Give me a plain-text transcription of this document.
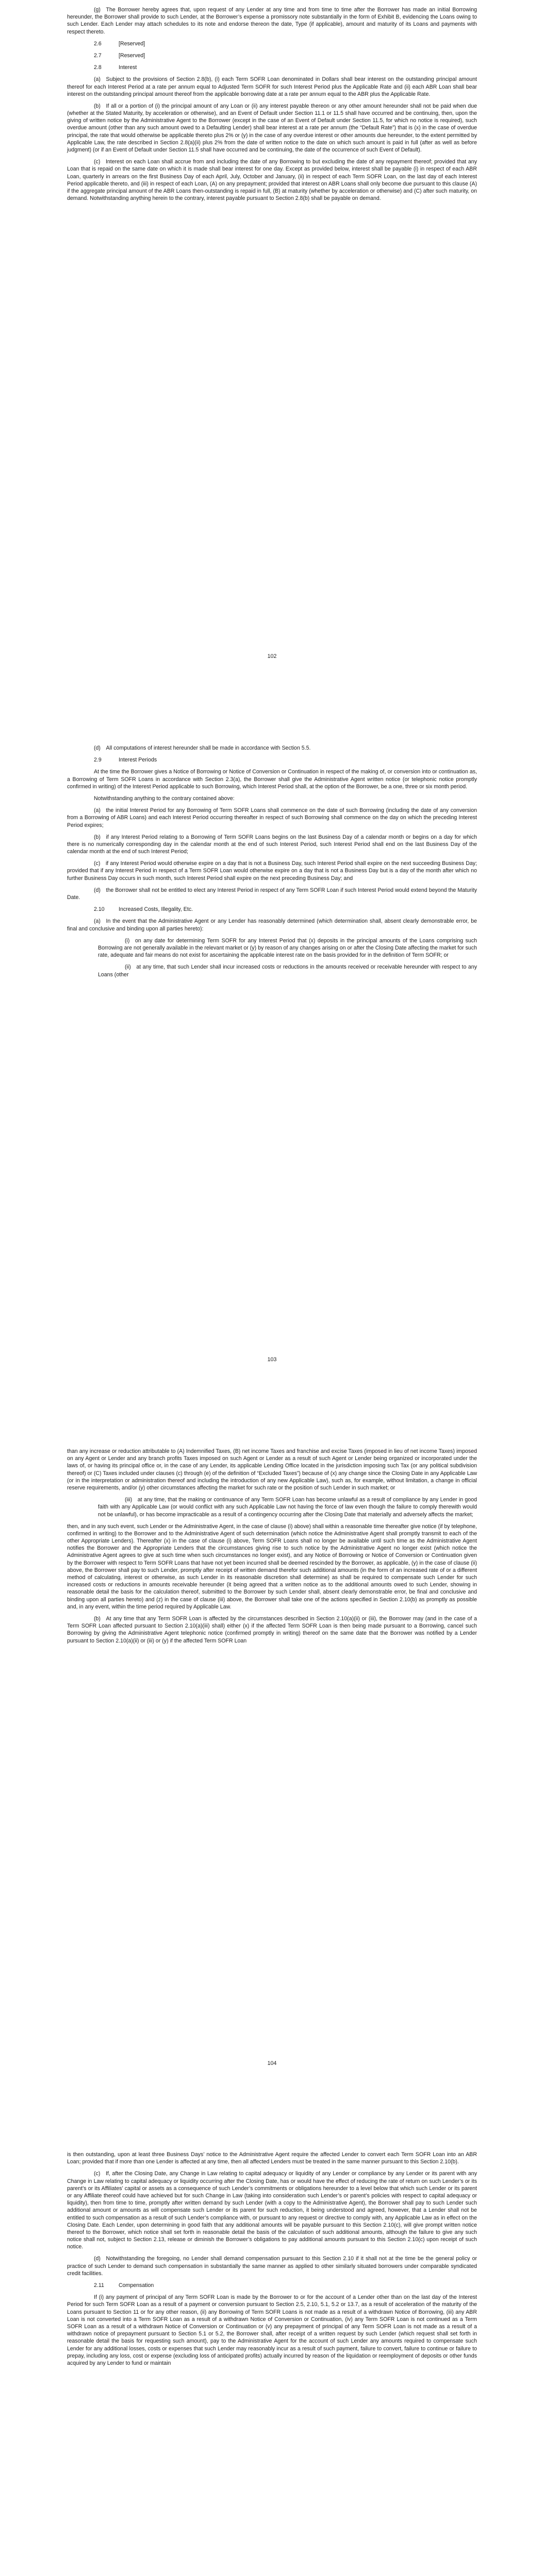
(g) The Borrower hereby agrees that, upon request of any Lender at any time and from time to time after the Borrower has made an initial Borrowing hereunder, the Borrower shall provide to such Lender, at the Borrower’s expense a promissory note substantially in the form of Exhibit B, evidencing the Loans owing to such Lender. Each Lender may attach schedules to its note and endorse thereon the date, Type (if applicable), amount and maturity of its Loans and payments with respect thereto.

2.6	[Reserved]
2.7	[Reserved]
2.8	Interest

(a) Subject to the provisions of Section 2.8(b), (i) each Term SOFR Loan denominated in Dollars shall bear interest on the outstanding principal amount thereof for each Interest Period at a rate per annum equal to Adjusted Term SOFR for such Interest Period plus the Applicable Rate and (ii) each ABR Loan shall bear interest on the outstanding principal amount thereof from the applicable borrowing date at a rate per annum equal to the ABR plus the Applicable Rate.

(b) If all or a portion of (i) the principal amount of any Loan or (ii) any interest payable thereon or any other amount hereunder shall not be paid when due (whether at the Stated Maturity, by acceleration or otherwise), and an Event of Default under Section 11.1 or 11.5 shall have occurred and be continuing, then, upon the giving of written notice by the Administrative Agent to the Borrower (except in the case of an Event of Default under Section 11.5, for which no notice is required), such overdue amount (other than any such amount owed to a Defaulting Lender) shall bear interest at a rate per annum (the “Default Rate”) that is (x) in the case of overdue principal, the rate that would otherwise be applicable thereto plus 2% or (y) in the case of any overdue interest or other amounts due hereunder, to the extent permitted by Applicable Law, the rate described in Section 2.8(a)(ii) plus 2% from the date of written notice to the date on which such amount is paid in full (after as well as before judgment) (or if an Event of Default under Section 11.5 shall have occurred and be continuing, the date of the occurrence of such Event of Default).

(c) Interest on each Loan shall accrue from and including the date of any Borrowing to but excluding the date of any repayment thereof; provided that any Loan that is repaid on the same date on which it is made shall bear interest for one day. Except as provided below, interest shall be payable (i) in respect of each ABR Loan, quarterly in arrears on the first Business Day of each April, July, October and January, (ii) in respect of each Term SOFR Loan, on the last day of each Interest Period applicable thereto, and (iii) in respect of each Loan, (A) on any prepayment; provided that interest on ABR Loans shall only become due pursuant to this clause (A) if the aggregate principal amount of the ABR Loans then-outstanding is repaid in full, (B) at maturity (whether by acceleration or otherwise) and (C) after such maturity, on demand. Notwithstanding anything herein to the contrary, interest payable pursuant to Section 2.8(b) shall be payable on demand.

102

(d) All computations of interest hereunder shall be made in accordance with Section 5.5.

2.9	Interest Periods

At the time the Borrower gives a Notice of Borrowing or Notice of Conversion or Continuation in respect of the making of, or conversion into or continuation as, a Borrowing of Term SOFR Loans in accordance with Section 2.3(a), the Borrower shall give the Administrative Agent written notice (or telephonic notice promptly confirmed in writing) of the Interest Period applicable to such Borrowing, which Interest Period shall, at the option of the Borrower, be a one, three or six month period.

Notwithstanding anything to the contrary contained above:

(a) the initial Interest Period for any Borrowing of Term SOFR Loans shall commence on the date of such Borrowing (including the date of any conversion from a Borrowing of ABR Loans) and each Interest Period occurring thereafter in respect of such Borrowing shall commence on the day on which the preceding Interest Period expires;

(b) if any Interest Period relating to a Borrowing of Term SOFR Loans begins on the last Business Day of a calendar month or begins on a day for which there is no numerically corresponding day in the calendar month at the end of such Interest Period, such Interest Period shall end on the last Business Day of the calendar month at the end of such Interest Period;

(c) if any Interest Period would otherwise expire on a day that is not a Business Day, such Interest Period shall expire on the next succeeding Business Day; provided that if any Interest Period in respect of a Term SOFR Loan would otherwise expire on a day that is not a Business Day but is a day of the month after which no further Business Day occurs in such month, such Interest Period shall expire on the next preceding Business Day; and

(d) the Borrower shall not be entitled to elect any Interest Period in respect of any Term SOFR Loan if such Interest Period would extend beyond the Maturity Date.

2.10	Increased Costs, Illegality, Etc.

(a) In the event that the Administrative Agent or any Lender has reasonably determined (which determination shall, absent clearly demonstrable error, be final and conclusive and binding upon all parties hereto):

(i) on any date for determining Term SOFR for any Interest Period that (x) deposits in the principal amounts of the Loans comprising such Borrowing are not generally available in the relevant market or (y) by reason of any changes arising on or after the Closing Date affecting the market for such rate, adequate and fair means do not exist for ascertaining the applicable interest rate on the basis provided for in the definition of Term SOFR; or

(ii) at any time, that such Lender shall incur increased costs or reductions in the amounts received or receivable hereunder with respect to any Loans (other

103

than any increase or reduction attributable to (A) Indemnified Taxes, (B) net income Taxes and franchise and excise Taxes (imposed in lieu of net income Taxes) imposed on any Agent or Lender and any branch profits Taxes imposed on such Agent or Lender as a result of such Agent or Lender being organized or incorporated under the laws of, or having its principal office or, in the case of any Lender, its applicable Lending Office located in the jurisdiction imposing such Tax (or any political subdivision thereof) or (C) Taxes included under clauses (c) through (e) of the definition of “Excluded Taxes”) because of (x) any change since the Closing Date in any Applicable Law (or in the interpretation or administration thereof and including the introduction of any new Applicable Law), such as, for example, without limitation, a change in official reserve requirements, and/or (y) other circumstances affecting the market for such rate or the position of such Lender in such market; or

(iii) at any time, that the making or continuance of any Term SOFR Loan has become unlawful as a result of compliance by any Lender in good faith with any Applicable Law (or would conflict with any such Applicable Law not having the force of law even though the failure to comply therewith would not be unlawful), or has become impracticable as a result of a contingency occurring after the Closing Date that materially and adversely affects the market;

then, and in any such event, such Lender or the Administrative Agent, in the case of clause (i) above) shall within a reasonable time thereafter give notice (if by telephone, confirmed in writing) to the Borrower and to the Administrative Agent of such determination (which notice the Administrative Agent shall promptly transmit to each of the other Appropriate Lenders). Thereafter (x) in the case of clause (i) above, Term SOFR Loans shall no longer be available until such time as the Administrative Agent notifies the Borrower and the Appropriate Lenders that the circumstances giving rise to such notice by the Administrative Agent no longer exist (which notice the Administrative Agent agrees to give at such time when such circumstances no longer exist), and any Notice of Borrowing or Notice of Conversion or Continuation given by the Borrower with respect to Term SOFR Loans that have not yet been incurred shall be deemed rescinded by the Borrower, as applicable, (y) in the case of clause (ii) above, the Borrower shall pay to such Lender, promptly after receipt of written demand therefor such additional amounts (in the form of an increased rate of or a different method of calculating, interest or otherwise, as such Lender in its reasonable discretion shall determine) as shall be required to compensate such Lender for such increased costs or reductions in amounts receivable hereunder (it being agreed that a written notice as to the additional amounts owed to such Lender, showing in reasonable detail the basis for the calculation thereof, submitted to the Borrower by such Lender shall, absent clearly demonstrable error, be final and conclusive and binding upon all parties hereto) and (z) in the case of clause (iii) above, the Borrower shall take one of the actions specified in Section 2.10(b) as promptly as possible and, in any event, within the time period required by Applicable Law.

(b) At any time that any Term SOFR Loan is affected by the circumstances described in Section 2.10(a)(ii) or (iii), the Borrower may (and in the case of a Term SOFR Loan affected pursuant to Section 2.10(a)(iii) shall) either (x) if the affected Term SOFR Loan is then being made pursuant to a Borrowing, cancel such Borrowing by giving the Administrative Agent telephonic notice (confirmed promptly in writing) thereof on the same date that the Borrower was notified by a Lender pursuant to Section 2.10(a)(ii) or (iii) or (y) if the affected Term SOFR Loan

104

is then outstanding, upon at least three Business Days’ notice to the Administrative Agent require the affected Lender to convert each Term SOFR Loan into an ABR Loan; provided that if more than one Lender is affected at any time, then all affected Lenders must be treated in the same manner pursuant to this Section 2.10(b).

(c) If, after the Closing Date, any Change in Law relating to capital adequacy or liquidity of any Lender or compliance by any Lender or its parent with any Change in Law relating to capital adequacy or liquidity occurring after the Closing Date, has or would have the effect of reducing the rate of return on such Lender’s or its parent’s or its Affiliates’ capital or assets as a consequence of such Lender’s commitments or obligations hereunder to a level below that which such Lender or its parent or any Affiliate thereof could have achieved but for such Change in Law (taking into consideration such Lender’s or parent’s policies with respect to capital adequacy or liquidity), then from time to time, promptly after written demand by such Lender (with a copy to the Administrative Agent), the Borrower shall pay to such Lender such additional amount or amounts as will compensate such Lender or its parent for such reduction, it being understood and agreed, however, that a Lender shall not be entitled to such compensation as a result of such Lender’s compliance with, or pursuant to any request or directive to comply with, any Applicable Law as in effect on the Closing Date. Each Lender, upon determining in good faith that any additional amounts will be payable pursuant to this Section 2.10(c), will give prompt written notice thereof to the Borrower, which notice shall set forth in reasonable detail the basis of the calculation of such additional amounts, although the failure to give any such notice shall not, subject to Section 2.13, release or diminish the Borrower’s obligations to pay additional amounts pursuant to this Section 2.10(c) upon receipt of such notice.

(d) Notwithstanding the foregoing, no Lender shall demand compensation pursuant to this Section 2.10 if it shall not at the time be the general policy or practice of such Lender to demand such compensation in substantially the same manner as applied to other similarly situated borrowers under comparable syndicated credit facilities.

2.11	Compensation

If (i) any payment of principal of any Term SOFR Loan is made by the Borrower to or for the account of a Lender other than on the last day of the Interest Period for such Term SOFR Loan as a result of a payment or conversion pursuant to Section 2.5, 2.10, 5.1, 5.2 or 13.7, as a result of acceleration of the maturity of the Loans pursuant to Section 11 or for any other reason, (ii) any Borrowing of Term SOFR Loans is not made as a result of a withdrawn Notice of Borrowing, (iii) any ABR Loan is not converted into a Term SOFR Loan as a result of a withdrawn Notice of Conversion or Continuation, (iv) any Term SOFR Loan is not continued as a Term SOFR Loan as a result of a withdrawn Notice of Conversion or Continuation or (v) any prepayment of principal of any Term SOFR Loan is not made as a result of a withdrawn notice of prepayment pursuant to Section 5.1 or 5.2, the Borrower shall, after receipt of a written request by such Lender (which request shall set forth in reasonable detail the basis for requesting such amount), pay to the Administrative Agent for the account of such Lender any amounts required to compensate such Lender for any additional losses, costs or expenses that such Lender may reasonably incur as a result of such payment, failure to convert, failure to continue or failure to prepay, including any loss, cost or expense (excluding loss of anticipated profits) actually incurred by reason of the liquidation or reemployment of deposits or other funds acquired by any Lender to fund or maintain
